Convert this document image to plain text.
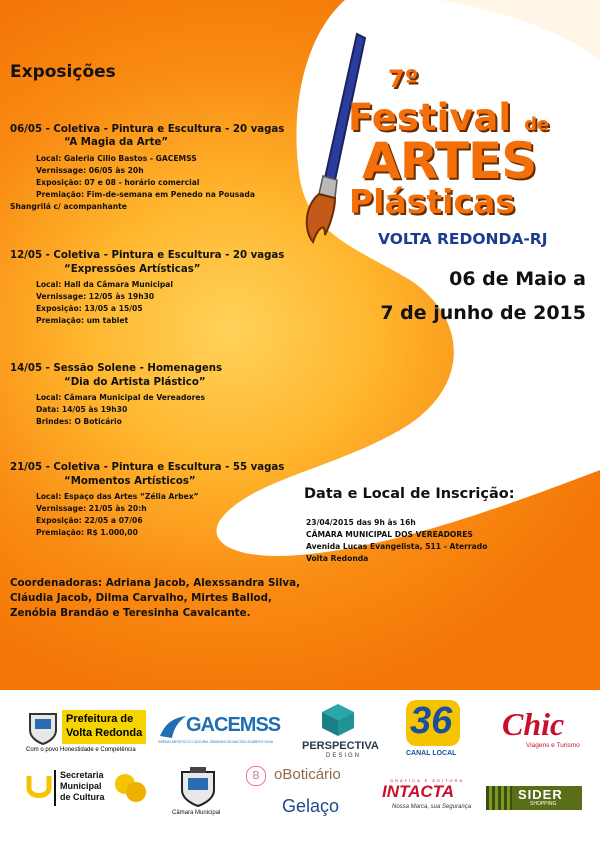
7º
Festival de
ARTES
Plásticas
VOLTA REDONDA-RJ
06 de Maio a
7 de junho de 2015
Exposições
06/05 - Coletiva - Pintura e Escultura - 20 vagas
“A Magia da Arte”
Local: Galeria Cilio Bastos - GACEMSS
Vernissage: 06/05 às 20h
Exposição: 07 e 08 - horário comercial
Premiação: Fim-de-semana em Penedo na Pousada
Shangrilá c/ acompanhante
12/05 - Coletiva - Pintura e Escultura - 20 vagas
“Expressões Artísticas”
Local: Hall da Câmara Municipal
Vernissage: 12/05 às 19h30
Exposição: 13/05 a 15/05
Premiação: um tablet
14/05 - Sessão Solene - Homenagens
“Dia do Artista Plástico”
Local: Câmara Municipal de Vereadores
Data: 14/05 às 19h30
Brindes: O Boticário
21/05 - Coletiva - Pintura e Escultura - 55 vagas
“Momentos Artísticos”
Local: Espaço das Artes “Zélia Arbex”
Vernissage: 21/05 às 20:h
Exposição: 22/05 a 07/06
Premiação: R$ 1.000,00
Coordenadoras: Adriana Jacob, Alexssandra Silva,
Cláudia Jacob, Dilma Carvalho, Mirtes Ballod,
Zenóbia Brandão e Teresinha Cavalcante.
Data e Local de Inscrição:
23/04/2015 das 9h às 16h
CÂMARA MUNICIPAL DOS VEREADORES
Avenida Lucas Evangelista, 511 - Aterrado
Volta Redonda
Prefeitura de
Volta Redonda
Com o povo Honestidade e Competência
GACEMSS
GRÊMIO ARTÍSTICO E CULTURAL EDMUNDO DE MACEDO SOARES E SILVA	PERSPECTIVA
DESIGN
36
CANAL LOCAL
Chic
Viagens e Turismo
Secretaria
Municipal
de Cultura
Câmara Municipal
B oBoticário
Gelaço
GRÁFICA E EDITORA
INTACTA
Nossa Marca, sua Segurança
SIDER
SHOPPING
